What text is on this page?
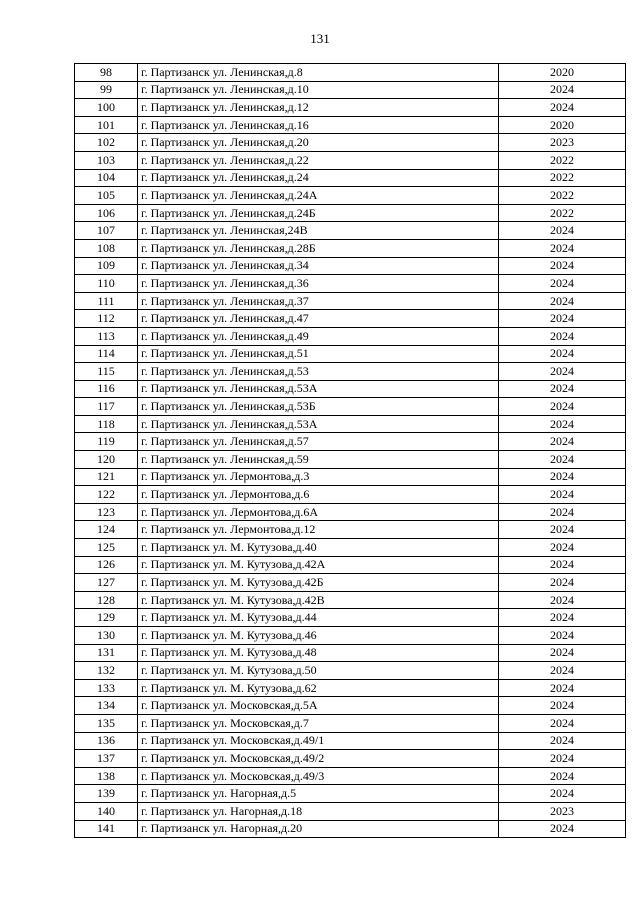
131
98	г. Партизанск ул. Ленинская,д.8	2020
99	г. Партизанск ул. Ленинская,д.10	2024
100	г. Партизанск ул. Ленинская,д.12	2024
101	г. Партизанск ул. Ленинская,д.16	2020
102	г. Партизанск ул. Ленинская,д.20	2023
103	г. Партизанск ул. Ленинская,д.22	2022
104	г. Партизанск ул. Ленинская,д.24	2022
105	г. Партизанск ул. Ленинская,д.24А	2022
106	г. Партизанск ул. Ленинская,д.24Б	2022
107	г. Партизанск ул. Ленинская,24В	2024
108	г. Партизанск ул. Ленинская,д.28Б	2024
109	г. Партизанск ул. Ленинская,д.34	2024
110	г. Партизанск ул. Ленинская,д.36	2024
111	г. Партизанск ул. Ленинская,д.37	2024
112	г. Партизанск ул. Ленинская,д.47	2024
113	г. Партизанск ул. Ленинская,д.49	2024
114	г. Партизанск ул. Ленинская,д.51	2024
115	г. Партизанск ул. Ленинская,д.53	2024
116	г. Партизанск ул. Ленинская,д.53А	2024
117	г. Партизанск ул. Ленинская,д.53Б	2024
118	г. Партизанск ул. Ленинская,д.53А	2024
119	г. Партизанск ул. Ленинская,д.57	2024
120	г. Партизанск ул. Ленинская,д.59	2024
121	г. Партизанск ул. Лермонтова,д.3	2024
122	г. Партизанск ул. Лермонтова,д.6	2024
123	г. Партизанск ул. Лермонтова,д.6А	2024
124	г. Партизанск ул. Лермонтова,д.12	2024
125	г. Партизанск ул. М. Кутузова,д.40	2024
126	г. Партизанск ул. М. Кутузова,д.42А	2024
127	г. Партизанск ул. М. Кутузова,д.42Б	2024
128	г. Партизанск ул. М. Кутузова,д.42В	2024
129	г. Партизанск ул. М. Кутузова,д.44	2024
130	г. Партизанск ул. М. Кутузова,д.46	2024
131	г. Партизанск ул. М. Кутузова,д.48	2024
132	г. Партизанск ул. М. Кутузова,д.50	2024
133	г. Партизанск ул. М. Кутузова,д.62	2024
134	г. Партизанск ул. Московская,д.5А	2024
135	г. Партизанск ул. Московская,д.7	2024
136	г. Партизанск ул. Московская,д.49/1	2024
137	г. Партизанск ул. Московская,д.49/2	2024
138	г. Партизанск ул. Московская,д.49/3	2024
139	г. Партизанск ул. Нагорная,д.5	2024
140	г. Партизанск ул. Нагорная,д.18	2023
141	г. Партизанск ул. Нагорная,д.20	2024
